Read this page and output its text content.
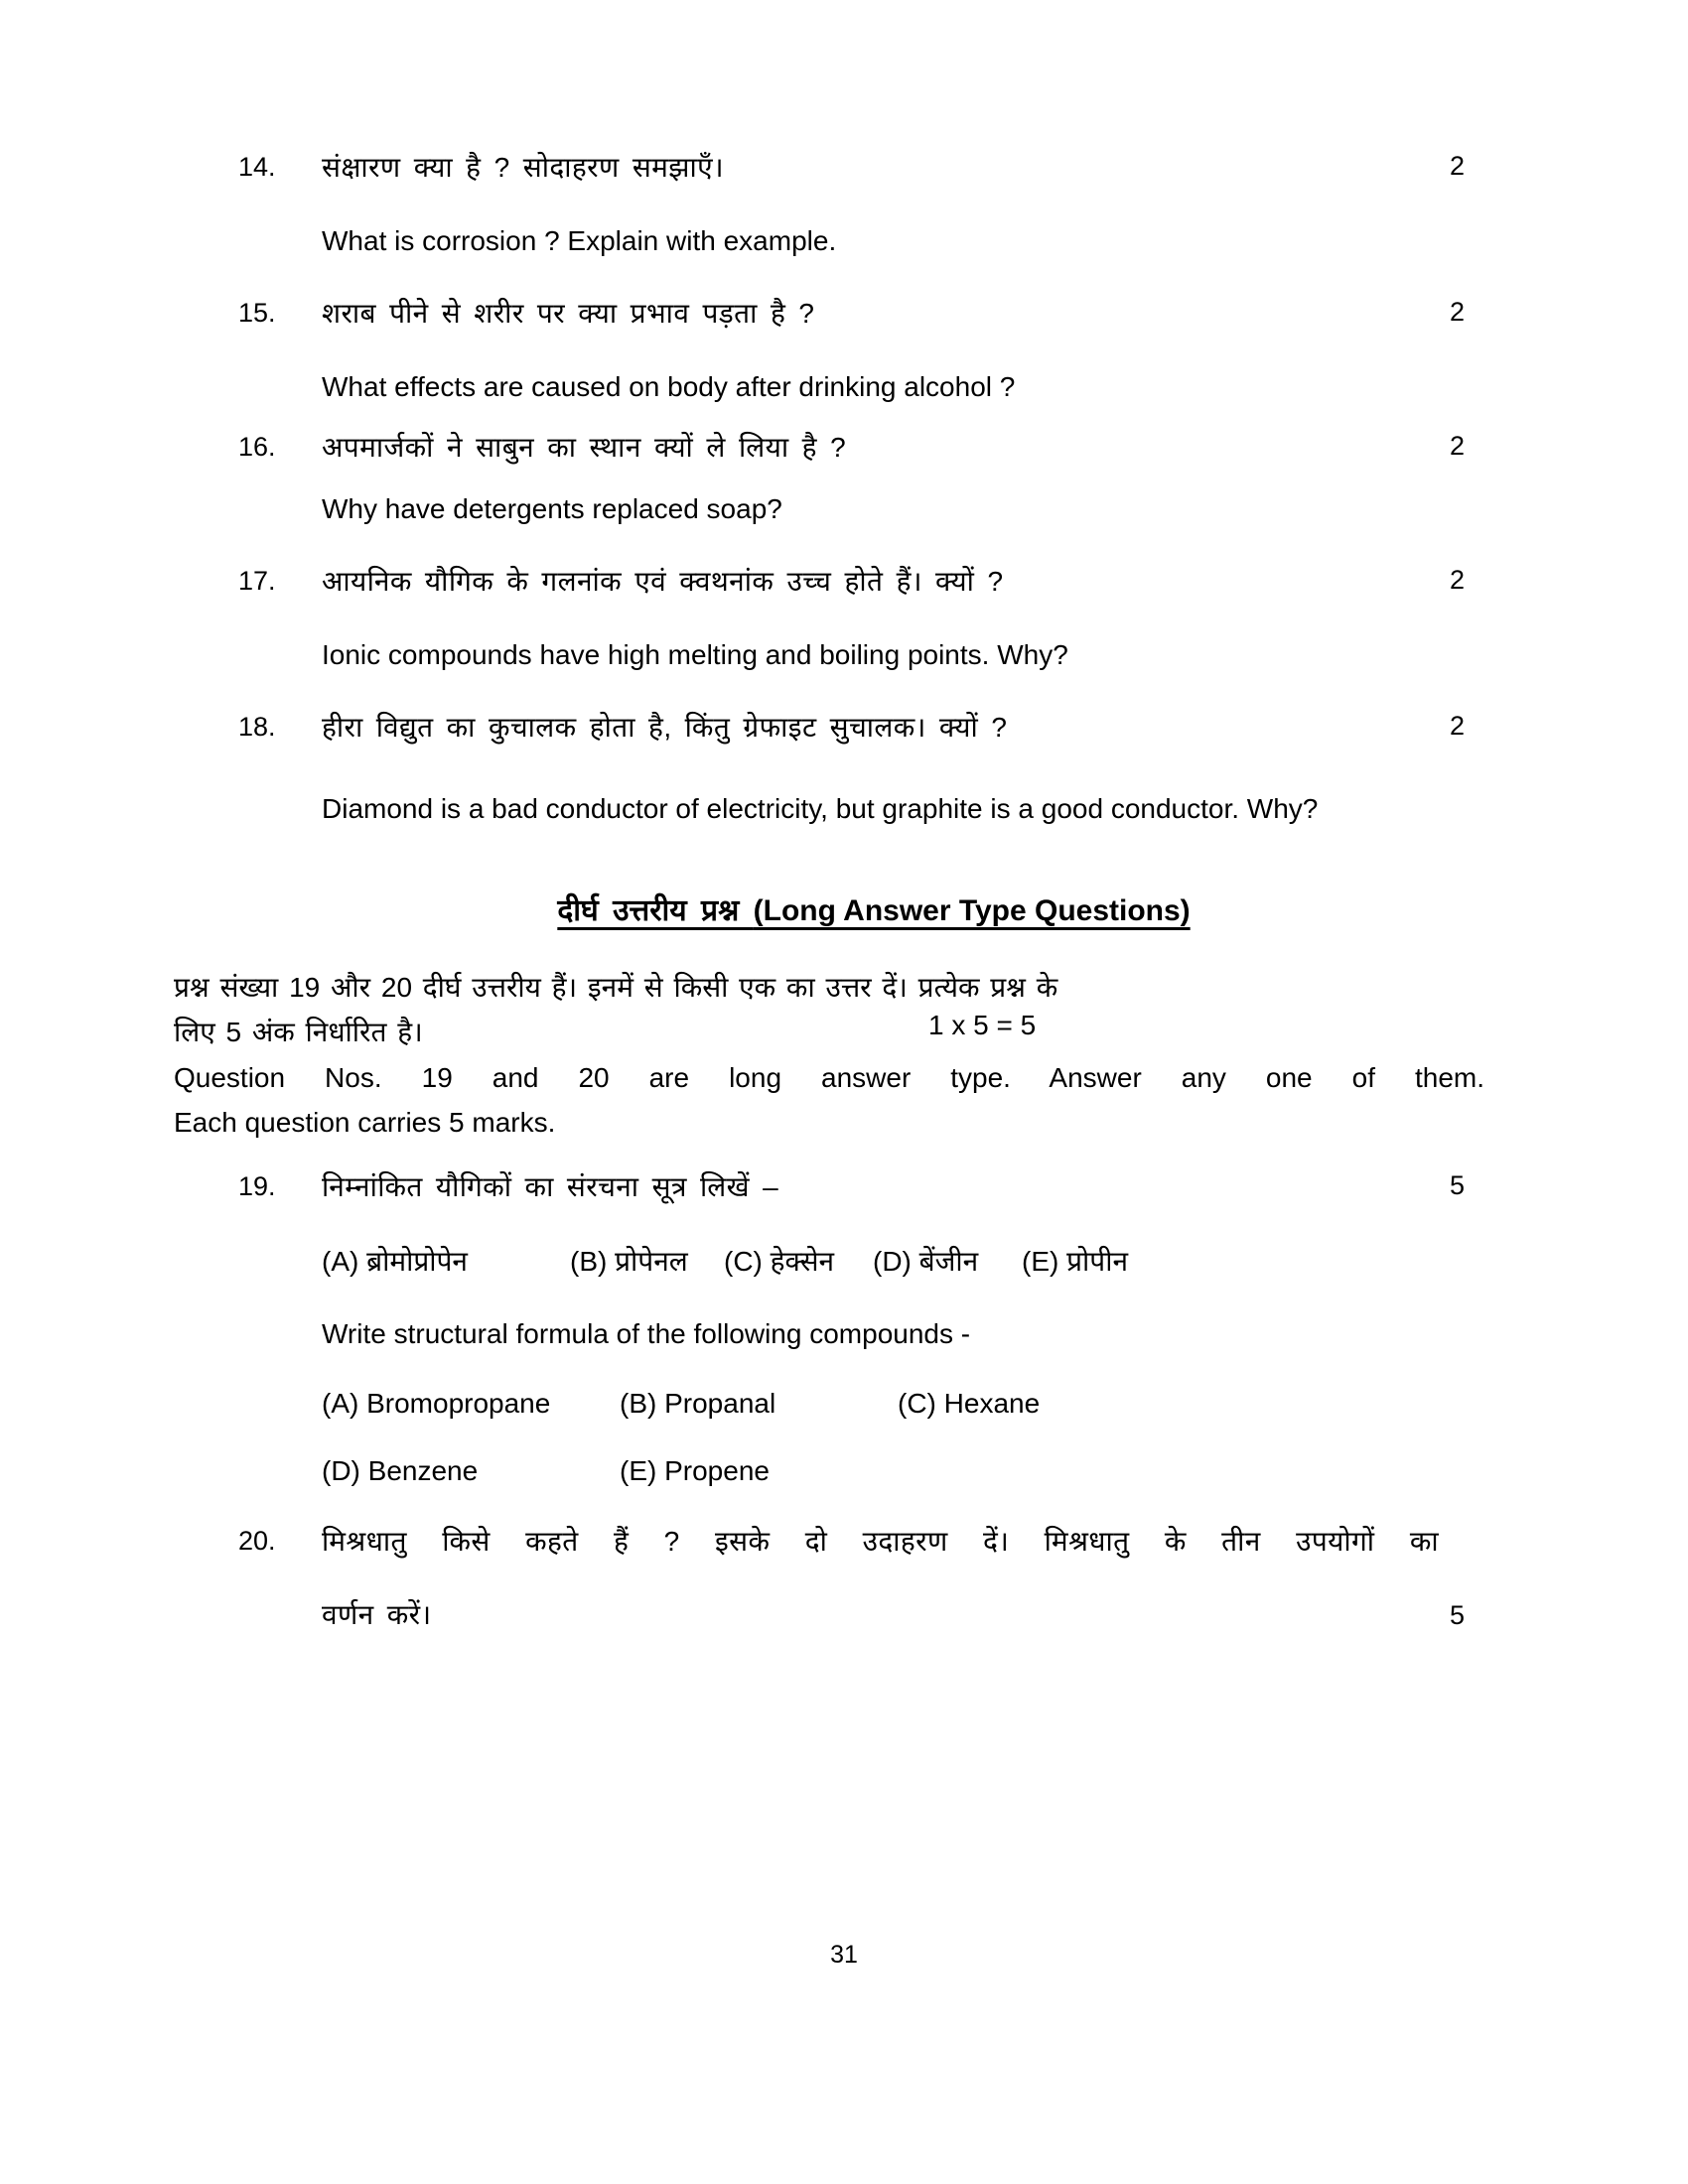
14.	संक्षारण क्या है ? सोदाहरण समझाएँ।
What is corrosion ? Explain with example.
2
15.	शराब पीने से शरीर पर क्या प्रभाव पड़ता है ?
What effects are caused on body after drinking alcohol ?
2
16.	अपमार्जकों ने साबुन का स्थान क्यों ले लिया है ?
Why have detergents replaced soap?
2
17.	आयनिक यौगिक के गलनांक एवं क्वथनांक उच्च होते हैं। क्यों ?
Ionic compounds have high melting and boiling points. Why?
2
18.	हीरा विद्युत का कुचालक होता है, किंतु ग्रेफाइट सुचालक। क्यों ?
Diamond is a bad conductor of electricity, but graphite is a good conductor. Why?
2
दीर्घ उत्तरीय प्रश्न (Long Answer Type Questions)
प्रश्न संख्या 19 और 20 दीर्घ उत्तरीय हैं। इनमें से किसी एक का उत्तर दें। प्रत्येक प्रश्न के
लिए 5 अंक निर्धारित है।	1 x 5 = 5
Question Nos. 19 and 20 are long answer type. Answer any one of them.
Each question carries 5 marks.
19.	निम्नांकित यौगिकों का संरचना सूत्र लिखें –
(A) ब्रोमोप्रोपेन	(B) प्रोपेनल	(C) हेक्सेन	(D) बेंजीन	(E) प्रोपीन
Write structural formula of the following compounds -
(A) Bromopropane	(B) Propanal	(C) Hexane
(D) Benzene	(E) Propene
5
20.	मिश्रधातु किसे कहते हैं ? इसके दो उदाहरण दें। मिश्रधातु के तीन उपयोगों का
वर्णन करें।	5
31
